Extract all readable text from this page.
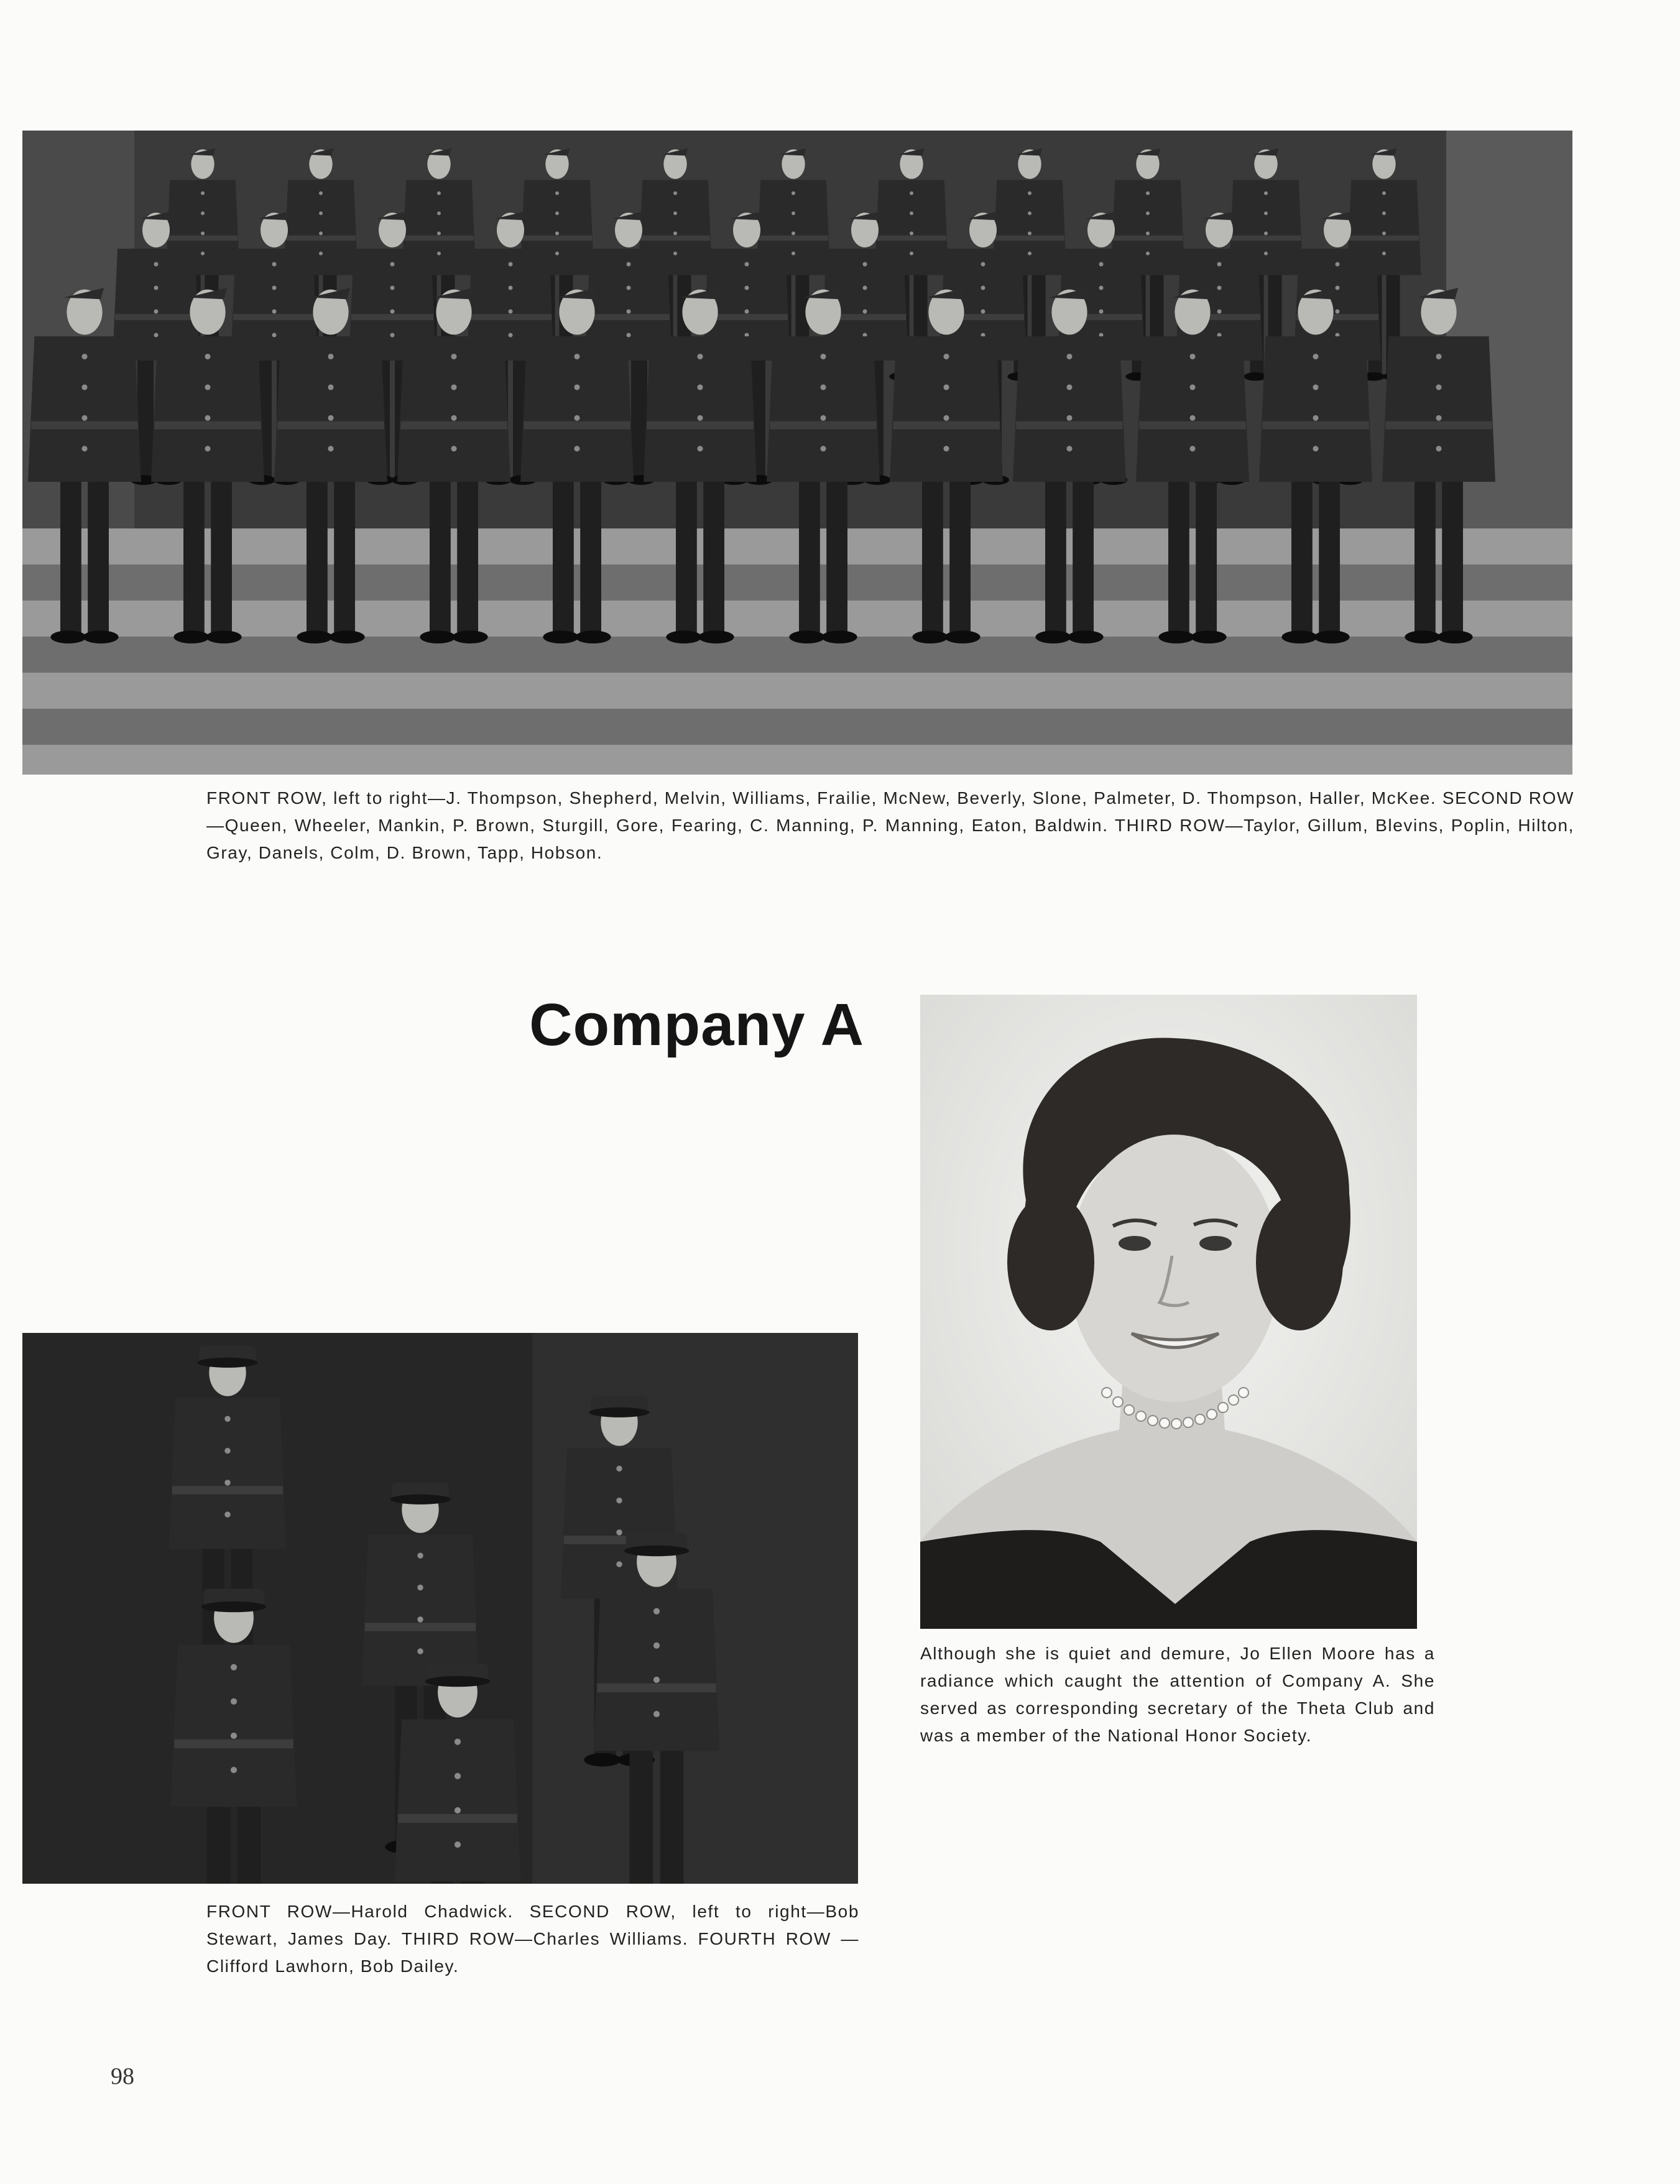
FRONT ROW, left to right—J. Thompson, Shepherd, Melvin, Williams, Frailie, McNew, Beverly, Slone, Palmeter, D. Thompson, Haller, McKee. SECOND ROW—Queen, Wheeler, Mankin, P. Brown, Sturgill, Gore, Fearing, C. Manning, P. Manning, Eaton, Baldwin. THIRD ROW—Taylor, Gillum, Blevins, Poplin, Hilton, Gray, Danels, Colm, D. Brown, Tapp, Hobson.

Company A

Although she is quiet and demure, Jo Ellen Moore has a radiance which caught the attention of Company A. She served as corresponding secretary of the Theta Club and was a member of the National Honor Society.

FRONT ROW—Harold Chadwick. SECOND ROW, left to right—Bob Stewart, James Day. THIRD ROW—Charles Williams. FOURTH ROW —Clifford Lawhorn, Bob Dailey.

98
